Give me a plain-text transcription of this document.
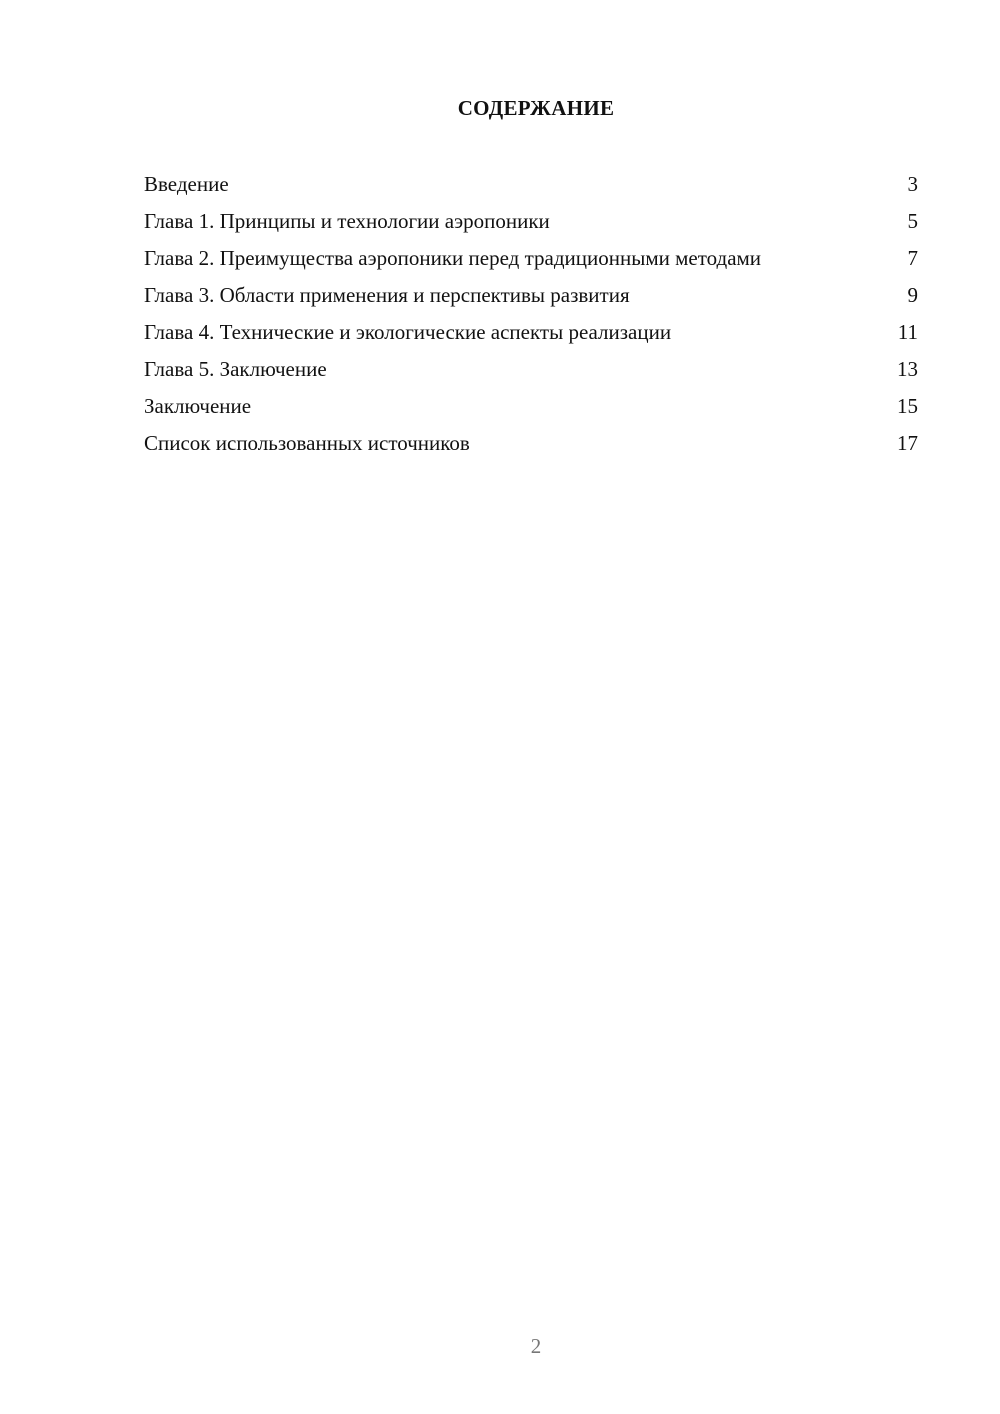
СОДЕРЖАНИЕ
Введение	3
Глава 1. Принципы и технологии аэропоники	5
Глава 2. Преимущества аэропоники перед традиционными методами	7
Глава 3. Области применения и перспективы развития	9
Глава 4. Технические и экологические аспекты реализации	11
Глава 5. Заключение	13
Заключение	15
Список использованных источников	17
2
